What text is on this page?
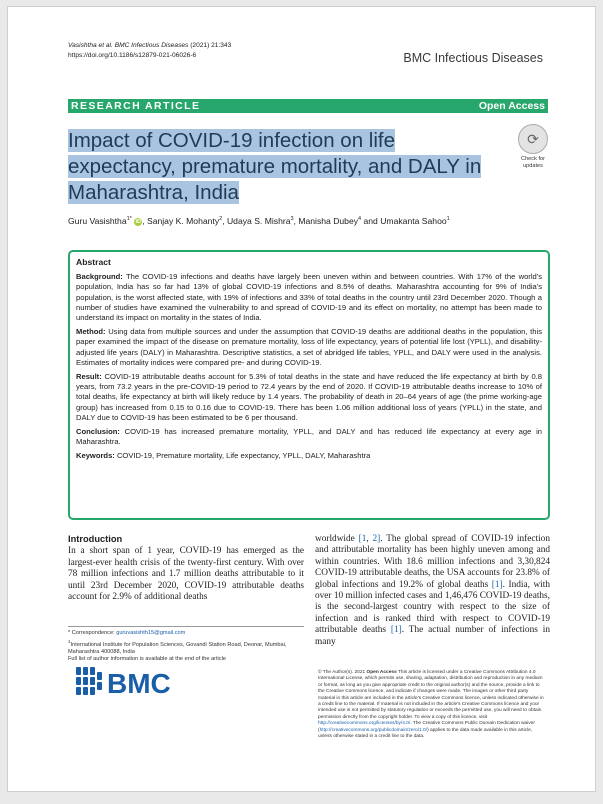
Vasishtha et al. BMC Infectious Diseases (2021) 21:343
https://doi.org/10.1186/s12879-021-06026-6	BMC Infectious Diseases
RESEARCH ARTICLE	Open Access
Impact of COVID-19 infection on life expectancy, premature mortality, and DALY in Maharashtra, India
⟳
Check for
updates
Guru Vasishtha$^{1*}$ iD, Sanjay K. Mohanty$^2$, Udaya S. Mishra$^3$, Manisha Dubey$^4$ and Umakanta Sahoo$^1$
Abstract

Background: The COVID-19 infections and deaths have largely been uneven within and between countries. With 17% of the world's population, India has so far had 13% of global COVID-19 infections and 8.5% of deaths. Maharashtra accounting for 9% of India's population, is the worst affected state, with 19% of infections and 33% of total deaths in the country until 23rd December 2020. Though a number of studies have examined the vulnerability to and spread of COVID-19 and its effect on mortality, no attempt has been made to understand its impact on mortality in the states of India.

Method: Using data from multiple sources and under the assumption that COVID-19 deaths are additional deaths in the population, this paper examined the impact of the disease on premature mortality, loss of life expectancy, years of potential life lost (YPLL), and disability-adjusted life years (DALY) in Maharashtra. Descriptive statistics, a set of abridged life tables, YPLL, and DALY were used in the analysis. Estimates of mortality indices were compared pre- and during COVID-19.

Result: COVID-19 attributable deaths account for 5.3% of total deaths in the state and have reduced the life expectancy at birth by 0.8 years, from 73.2 years in the pre-COVID-19 period to 72.4 years by the end of 2020. If COVID-19 attributable deaths increase to 10% of total deaths, life expectancy at birth will likely reduce by 1.4 years. The probability of death in 20–64 years of age (the prime working-age group) has increased from 0.15 to 0.16 due to COVID-19. There has been 1.06 million additional loss of years (YPLL) in the state, and DALY due to COVID-19 has been estimated to be 6 per thousand.

Conclusion: COVID-19 has increased premature mortality, YPLL, and DALY and has reduced life expectancy at every age in Maharashtra.

Keywords: COVID-19, Premature mortality, Life expectancy, YPLL, DALY, Maharashtra

Introduction
In a short span of 1 year, COVID-19 has emerged as the largest-ever health crisis of the twenty-first century. With over 78 million infections and 1.7 million deaths attributable to it until 23rd December 2020, COVID-19 attributable deaths account for 2.9% of additional deaths
worldwide [1, 2]. The global spread of COVID-19 infection and attributable mortality has been highly uneven among and within countries. With 18.6 million infections and 3,30,824 COVID-19 attributable deaths, the USA accounts for 23.8% of global infections and 19.2% of global deaths [1]. India, with over 10 million infected cases and 1,46,476 COVID-19 deaths, is the second-largest country with respect to the size of infection and is ranked third with respect to COVID-19 attributable deaths [1]. The actual number of infections in many
* Correspondence: guruvasishth15@gmail.com
$^1$International Institute for Population Sciences, Govandi Station Road, Deonar, Mumbai, Maharashtra 400088, India
Full list of author information is available at the end of the article
BMC	© The Author(s). 2021 Open Access This article is licensed under a Creative Commons Attribution 4.0 International License, which permits use, sharing, adaptation, distribution and reproduction in any medium or format, as long as you give appropriate credit to the original author(s) and the source, provide a link to the Creative Commons licence, and indicate if changes were made. The images or other third party material in this article are included in the article's Creative Commons licence, unless indicated otherwise in a credit line to the material. If material is not included in the article's Creative Commons licence and your intended use is not permitted by statutory regulation or exceeds the permitted use, you will need to obtain permission directly from the copyright holder. To view a copy of this licence, visit http://creativecommons.org/licenses/by/4.0/. The Creative Commons Public Domain Dedication waiver (http://creativecommons.org/publicdomain/zero/1.0/) applies to the data made available in this article, unless otherwise stated in a credit line to the data.
